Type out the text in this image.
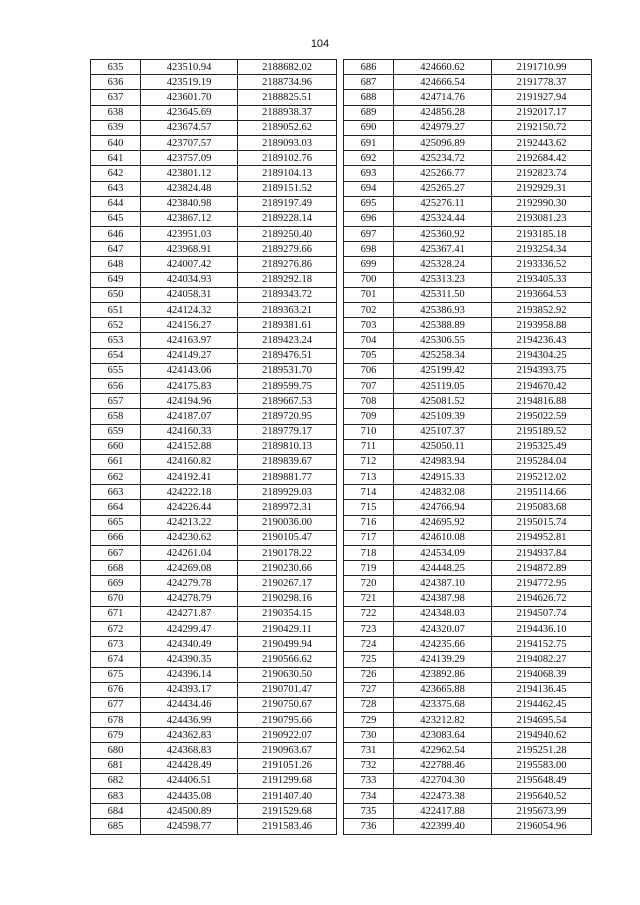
104
635	423510.94	2188682.02
636	423519.19	2188734.96
637	423601.70	2188825.51
638	423645.69	2188938.37
639	423674.57	2189052.62
640	423707.57	2189093.03
641	423757.09	2189102.76
642	423801.12	2189104.13
643	423824.48	2189151.52
644	423840.98	2189197.49
645	423867.12	2189228.14
646	423951.03	2189250.40
647	423968.91	2189279.66
648	424007.42	2189276.86
649	424034.93	2189292.18
650	424058.31	2189343.72
651	424124.32	2189363.21
652	424156.27	2189381.61
653	424163.97	2189423.24
654	424149.27	2189476.51
655	424143.06	2189531.70
656	424175.83	2189599.75
657	424194.96	2189667.53
658	424187.07	2189720.95
659	424160.33	2189779.17
660	424152.88	2189810.13
661	424160.82	2189839.67
662	424192.41	2189881.77
663	424222.18	2189929.03
664	424226.44	2189972.31
665	424213.22	2190036.00
666	424230.62	2190105.47
667	424261.04	2190178.22
668	424269.08	2190230.66
669	424279.78	2190267.17
670	424278.79	2190298.16
671	424271.87	2190354.15
672	424299.47	2190429.11
673	424340.49	2190499.94
674	424390.35	2190566.62
675	424396.14	2190630.50
676	424393.17	2190701.47
677	424434.46	2190750.67
678	424436.99	2190795.66
679	424362.83	2190922.07
680	424368.83	2190963.67
681	424428.49	2191051.26
682	424406.51	2191299.68
683	424435.08	2191407.40
684	424500.89	2191529.68
685	424598.77	2191583.46
686	424660.62	2191710.99
687	424666.54	2191778.37
688	424714.76	2191927.94
689	424856.28	2192017.17
690	424979.27	2192150.72
691	425096.89	2192443.62
692	425234.72	2192684.42
693	425266.77	2192823.74
694	425265.27	2192929.31
695	425276.11	2192990.30
696	425324.44	2193081.23
697	425360.92	2193185.18
698	425367.41	2193254.34
699	425328.24	2193336.52
700	425313.23	2193405.33
701	425311.50	2193664.53
702	425386.93	2193852.92
703	425388.89	2193958.88
704	425306.55	2194236.43
705	425258.34	2194304.25
706	425199.42	2194393.75
707	425119.05	2194670.42
708	425081.52	2194816.88
709	425109.39	2195022.59
710	425107.37	2195189.52
711	425050.11	2195325.49
712	424983.94	2195284.04
713	424915.33	2195212.02
714	424832.08	2195114.66
715	424766.94	2195083.68
716	424695.92	2195015.74
717	424610.08	2194952.81
718	424534.09	2194937.84
719	424448.25	2194872.89
720	424387.10	2194772.95
721	424387.98	2194626.72
722	424348.03	2194507.74
723	424320.07	2194436.10
724	424235.66	2194152.75
725	424139.29	2194082.27
726	423892.86	2194068.39
727	423665.88	2194136.45
728	423375.68	2194462.45
729	423212.82	2194695.54
730	423083.64	2194940.62
731	422962.54	2195251.28
732	422788.46	2195583.00
733	422704.30	2195648.49
734	422473.38	2195640.52
735	422417.88	2195673.99
736	422399.40	2196054.96
